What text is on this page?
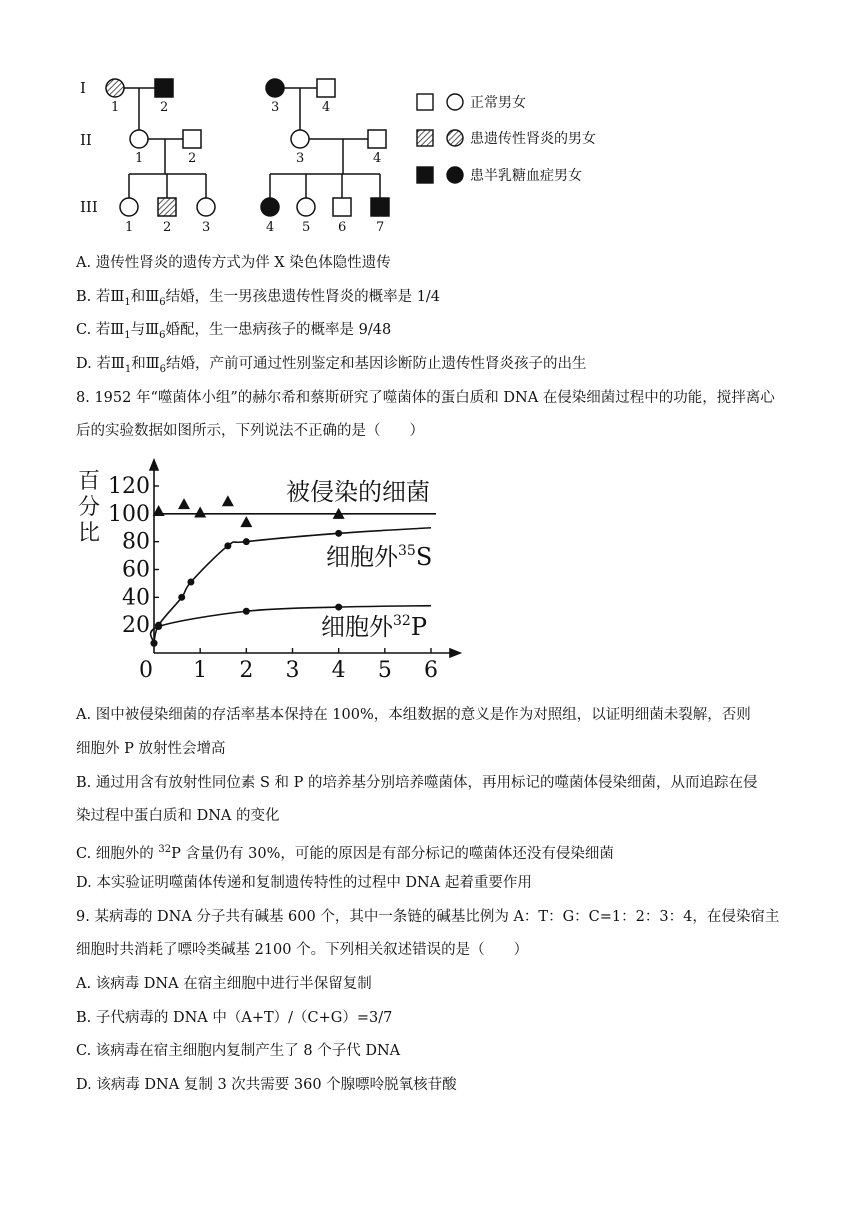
I
II
III
1	2
1	2
1 2 3
3	4
3	4
4 5 6 7
正常男女
患遗传性肾炎的男女
患半乳糖血症男女
A. 遗传性肾炎的遗传方式为伴 X 染色体隐性遗传
B. 若$Ⅲ_1$和$Ⅲ_6$结婚，生一男孩患遗传性肾炎的概率是 1/4
C. 若$Ⅲ_1$与$Ⅲ_6$婚配，生一患病孩子的概率是 9/48
D. 若$Ⅲ_1$和$Ⅲ_6$结婚，产前可通过性别鉴定和基因诊断防止遗传性肾炎孩子的出生
8. 1952 年“噬菌体小组”的赫尔希和蔡斯研究了噬菌体的蛋白质和 DNA 在侵染细菌过程中的功能，搅拌离心
后的实验数据如图所示，下列说法不正确的是（　　）
百
分
比
20
40
60
80
100
120
0 1 2 3 4 5 6
被侵染的细菌
细胞外$^{35}$S
细胞外$^{32}$P
A. 图中被侵染细菌的存活率基本保持在 100%，本组数据的意义是作为对照组，以证明细菌未裂解，否则
细胞外 P 放射性会增高
B. 通过用含有放射性同位素 S 和 P 的培养基分别培养噬菌体，再用标记的噬菌体侵染细菌，从而追踪在侵
染过程中蛋白质和 DNA 的变化
C. 细胞外的 $^{32}$P 含量仍有 30%，可能的原因是有部分标记的噬菌体还没有侵染细菌
D. 本实验证明噬菌体传递和复制遗传特性的过程中 DNA 起着重要作用
9. 某病毒的 DNA 分子共有碱基 600 个，其中一条链的碱基比例为 A：T：G：C=1：2：3：4，在侵染宿主
细胞时共消耗了嘌呤类碱基 2100 个。下列相关叙述错误的是（　　）
A. 该病毒 DNA 在宿主细胞中进行半保留复制
B. 子代病毒的 DNA 中（A+T）/（C+G）=3/7
C. 该病毒在宿主细胞内复制产生了 8 个子代 DNA
D. 该病毒 DNA 复制 3 次共需要 360 个腺嘌呤脱氧核苷酸
